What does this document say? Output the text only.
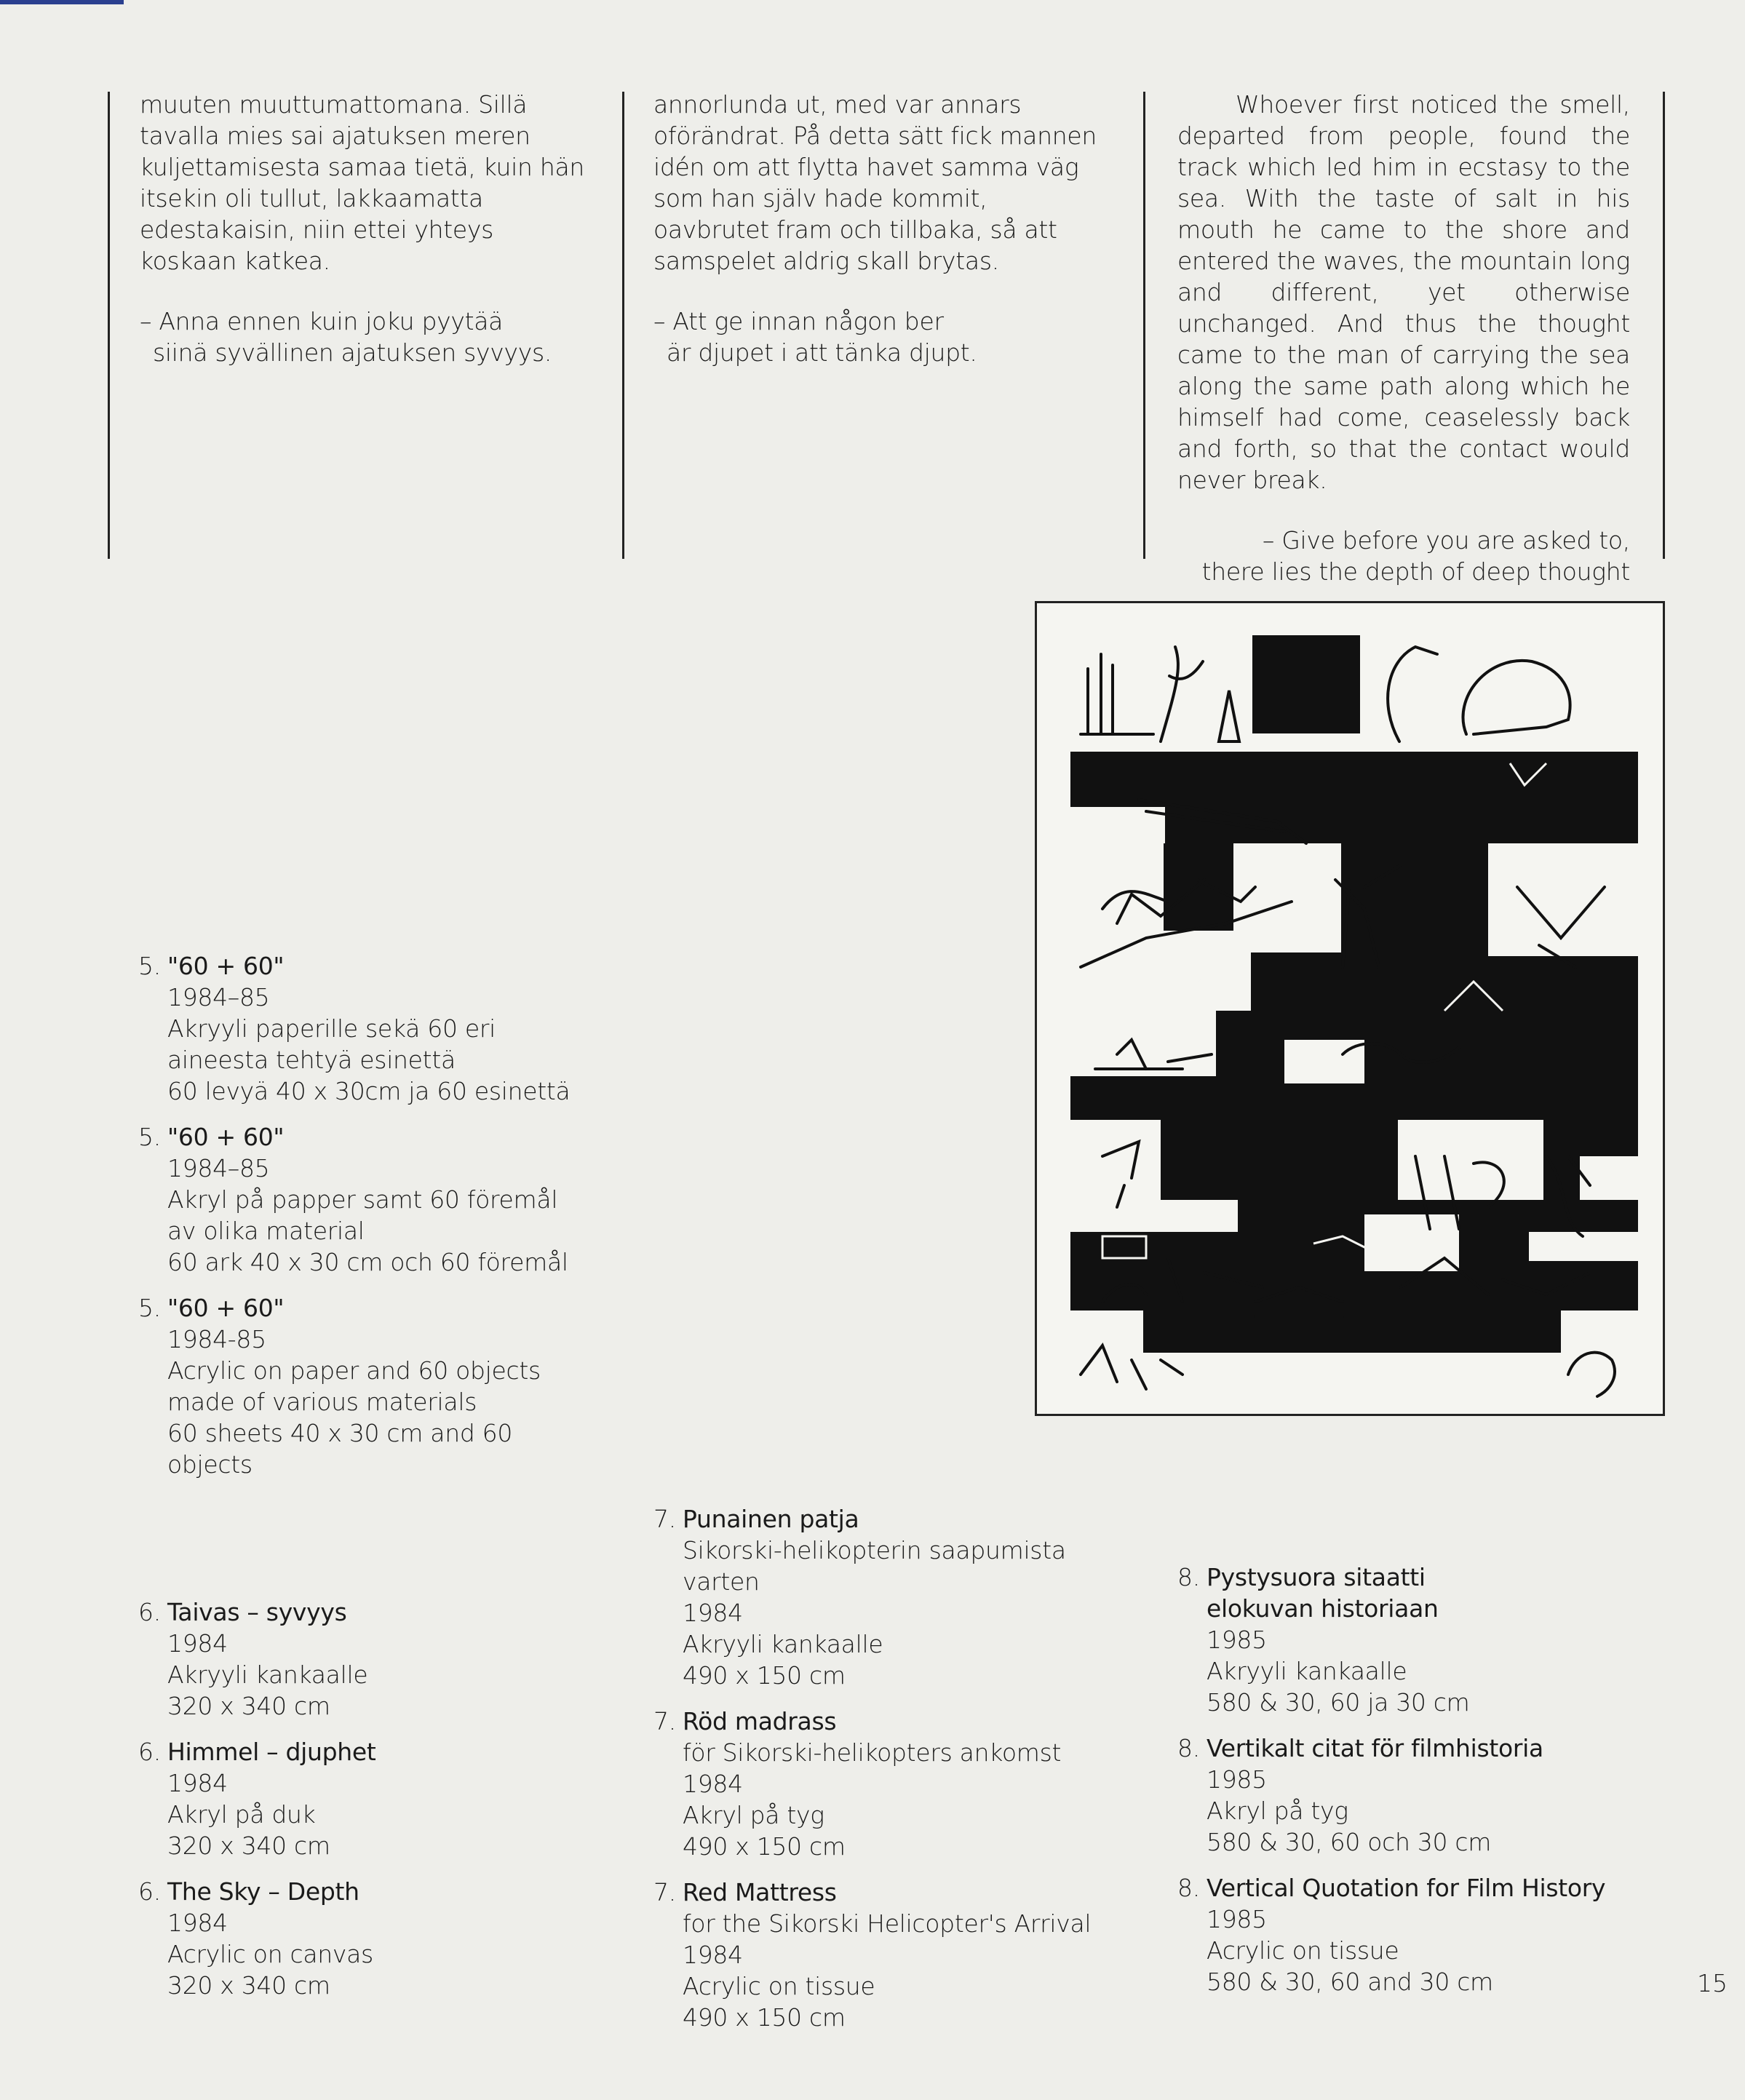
muuten muuttumattomana. Sillä tavalla mies sai ajatuksen meren kuljettamisesta samaa tietä, kuin hän itsekin oli tullut, lakkaamatta edestakaisin, niin ettei yhteys koskaan katkea.

– Anna ennen kuin joku pyytää
siinä syvällinen ajatuksen syvyys.

annorlunda ut, med var annars oförändrat. På detta sätt fick mannen idén om att flytta havet samma väg som han själv hade kommit, oavbrutet fram och tillbaka, så att samspelet aldrig skall brytas.

– Att ge innan någon ber
är djupet i att tänka djupt.

Whoever first noticed the smell, departed from people, found the track which led him in ecstasy to the sea. With the taste of salt in his mouth he came to the shore and entered the waves, the mountain long and different, yet otherwise unchanged. And thus the thought came to the man of carrying the sea along the same path along which he himself had come, ceaselessly back and forth, so that the contact would never break.

– Give before you are asked to,
there lies the depth of deep thought

5. "60 + 60"
1984–85
Akryyli paperille sekä 60 eri
aineesta tehtyä esinettä
60 levyä 40 x 30cm ja 60 esinettä
5. "60 + 60"
1984–85
Akryl på papper samt 60 föremål
av olika material
60 ark 40 x 30 cm och 60 föremål
5. "60 + 60"
1984-85
Acrylic on paper and 60 objects
made of various materials
60 sheets 40 x 30 cm and 60 objects
6. Taivas – syvyys
1984
Akryyli kankaalle
320 x 340 cm
6. Himmel – djuphet
1984
Akryl på duk
320 x 340 cm
6. The Sky – Depth
1984
Acrylic on canvas
320 x 340 cm
7. Punainen patja
Sikorski-helikopterin saapumista varten
1984
Akryyli kankaalle
490 x 150 cm
7. Röd madrass
för Sikorski-helikopters ankomst
1984
Akryl på tyg
490 x 150 cm
7. Red Mattress
for the Sikorski Helicopter's Arrival
1984
Acrylic on tissue
490 x 150 cm
8. Pystysuora sitaatti
elokuvan historiaan
1985
Akryyli kankaalle
580 & 30, 60 ja 30 cm
8. Vertikalt citat för filmhistoria
1985
Akryl på tyg
580 & 30, 60 och 30 cm
8. Vertical Quotation for Film History
1985
Acrylic on tissue
580 & 30, 60 and 30 cm	15
